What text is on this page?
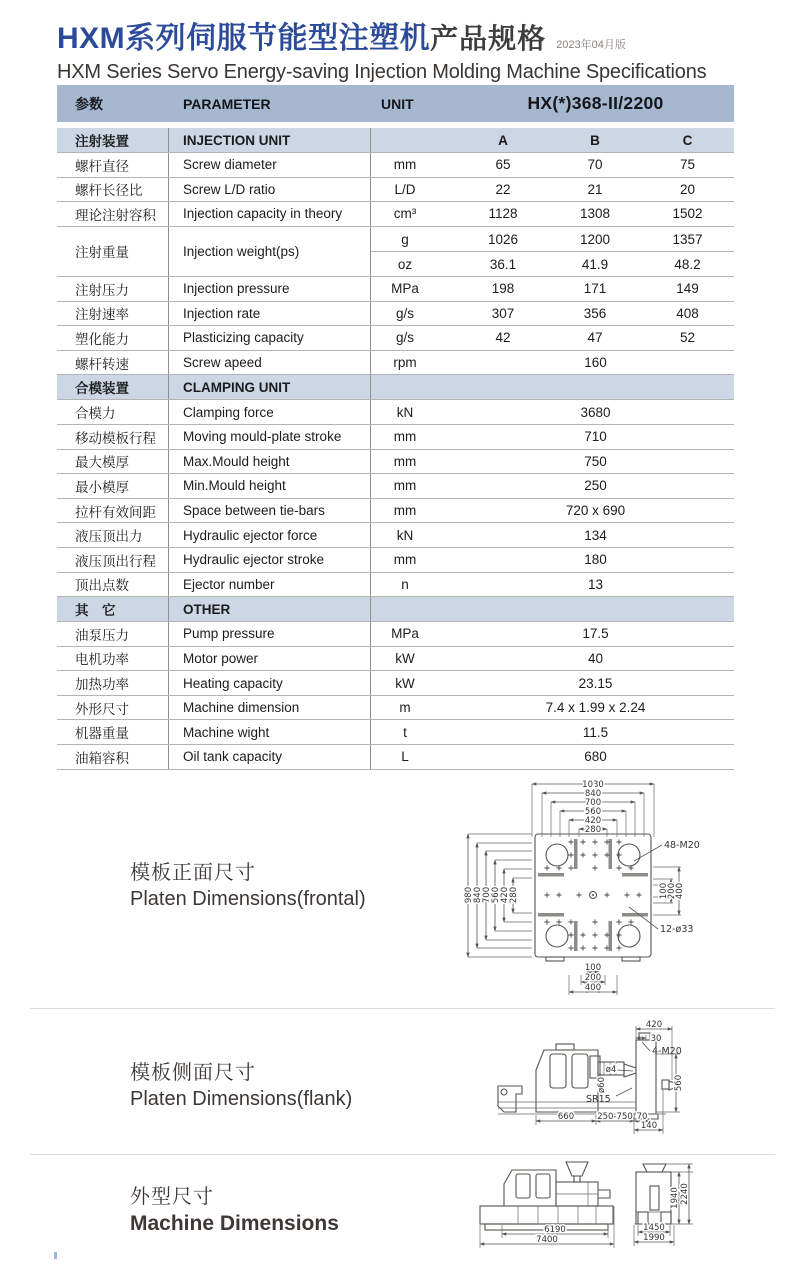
HXM系列伺服节能型注塑机产品规格 2023年04月版
HXM Series Servo Energy-saving Injection Molding Machine Specifications
参数	PARAMETER	UNIT	HX(*)368-II/2200
注射装置	INJECTION UNIT	A	B	C
螺杆直径	Screw diameter	mm	65	70	75
螺杆长径比	Screw L/D ratio	L/D	22	21	20
理论注射容积	Injection capacity in theory	cm³	1128	1308	1502
注射重量	Injection weight(ps)
g	1026	1200	1357
oz	36.1	41.9	48.2
注射压力	Injection pressure	MPa	198	171	149
注射速率	Injection rate	g/s	307	356	408
塑化能力	Plasticizing capacity	g/s	42	47	52
螺杆转速	Screw apeed	rpm	160
合模装置	CLAMPING UNIT
合模力	Clamping force	kN	3680
移动模板行程	Moving mould-plate stroke	mm	710
最大模厚	Max.Mould height	mm	750
最小模厚	Min.Mould height	mm	250
拉杆有效间距	Space between tie-bars	mm	720 x 690
液压顶出力	Hydraulic ejector force	kN	134
液压顶出行程	Hydraulic ejector stroke	mm	180
顶出点数	Ejector number	n	13
其　它	OTHER
油泵压力	Pump pressure	MPa	17.5
电机功率	Motor power	kW	40
加热功率	Heating capacity	kW	23.15
外形尺寸	Machine dimension	m	7.4 x 1.99 x 2.24
机器重量	Machine wight	t	11.5
油箱容积	Oil tank capacity	L	680
模板正面尺寸
Platen Dimensions(frontal)
模板侧面尺寸
Platen Dimensions(flank)
外型尺寸
Machine Dimensions
1030
840
700
560
420
280
980 840 700 560 420 280
100
200
400
100
200
400
48-M20
12-ø33
420
30
4-M20
ø4
ø60
SR15
560
660	250-750 70
140
6190
7400
1450
1990
1940 2240
